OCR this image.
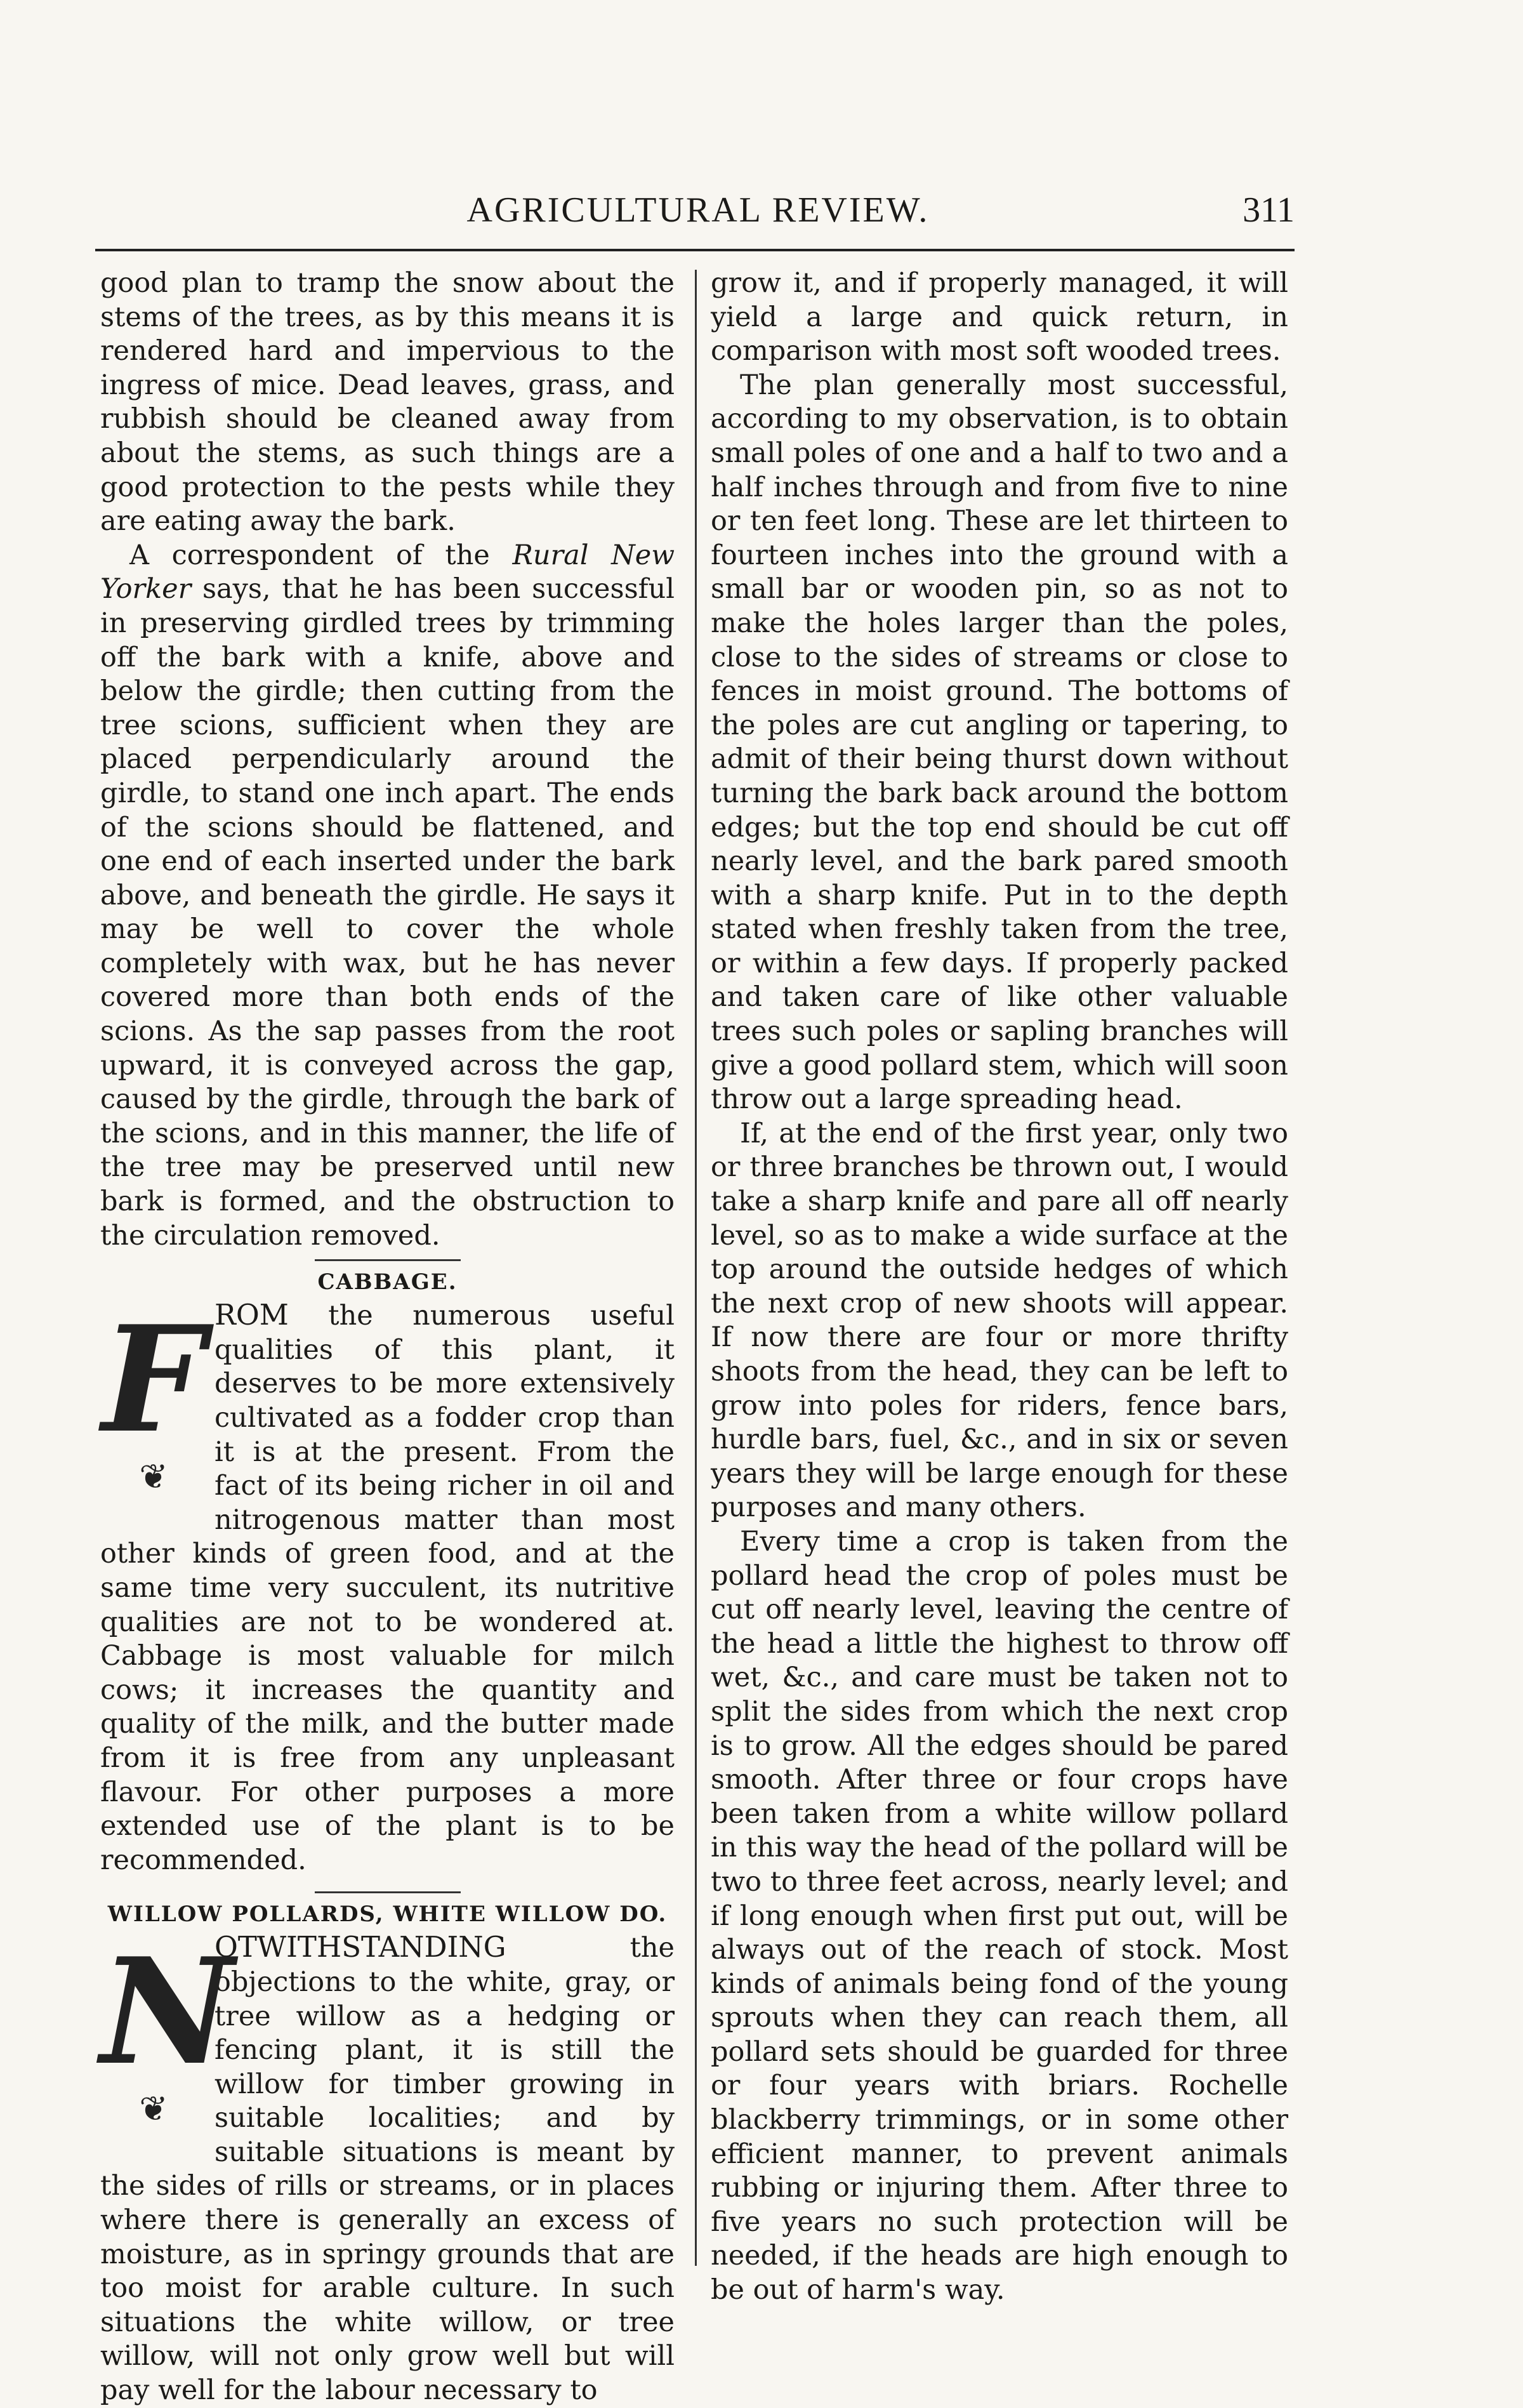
AGRICULTURAL REVIEW.	311

good plan to tramp the snow about the stems of the trees, as by this means it is rendered hard and impervious to the ingress of mice. Dead leaves, grass, and rubbish should be cleaned away from about the stems, as such things are a good protection to the pests while they are eating away the bark.

A correspondent of the Rural New Yorker says, that he has been successful in preserving girdled trees by trimming off the bark with a knife, above and below the girdle; then cutting from the tree scions, sufficient when they are placed perpendicularly around the girdle, to stand one inch apart. The ends of the scions should be flattened, and one end of each inserted under the bark above, and beneath the girdle. He says it may be well to cover the whole completely with wax, but he has never covered more than both ends of the scions. As the sap passes from the root upward, it is conveyed across the gap, caused by the girdle, through the bark of the scions, and in this manner, the life of the tree may be preserved until new bark is formed, and the obstruction to the circulation removed.

CABBAGE.
F
❦

ROM the numerous useful qualities of this plant, it deserves to be more extensively cultivated as a fodder crop than it is at the present. From the fact of its being richer in oil and nitrogenous matter than most other kinds of green food, and at the same time very succulent, its nutritive qualities are not to be wondered at. Cabbage is most valuable for milch cows; it increases the quantity and quality of the milk, and the butter made from it is free from any unpleasant flavour. For other purposes a more extended use of the plant is to be recommended.

WILLOW POLLARDS, WHITE WILLOW DO.
N
❦

OTWITHSTANDING the objections to the white, gray, or tree willow as a hedging or fencing plant, it is still the willow for timber growing in suitable localities; and by suitable situations is meant by the sides of rills or streams, or in places where there is generally an excess of moisture, as in springy grounds that are too moist for arable culture. In such situations the white willow, or tree willow, will not only grow well but will pay well for the labour necessary to

grow it, and if properly managed, it will yield a large and quick return, in comparison with most soft wooded trees.

The plan generally most successful, according to my observation, is to obtain small poles of one and a half to two and a half inches through and from five to nine or ten feet long. These are let thirteen to fourteen inches into the ground with a small bar or wooden pin, so as not to make the holes larger than the poles, close to the sides of streams or close to fences in moist ground. The bottoms of the poles are cut angling or tapering, to admit of their being thurst down without turning the bark back around the bottom edges; but the top end should be cut off nearly level, and the bark pared smooth with a sharp knife. Put in to the depth stated when freshly taken from the tree, or within a few days. If properly packed and taken care of like other valuable trees such poles or sapling branches will give a good pollard stem, which will soon throw out a large spreading head.

If, at the end of the first year, only two or three branches be thrown out, I would take a sharp knife and pare all off nearly level, so as to make a wide surface at the top around the outside hedges of which the next crop of new shoots will appear. If now there are four or more thrifty shoots from the head, they can be left to grow into poles for riders, fence bars, hurdle bars, fuel, &c., and in six or seven years they will be large enough for these purposes and many others.

Every time a crop is taken from the pollard head the crop of poles must be cut off nearly level, leaving the centre of the head a little the highest to throw off wet, &c., and care must be taken not to split the sides from which the next crop is to grow. All the edges should be pared smooth. After three or four crops have been taken from a white willow pollard in this way the head of the pollard will be two to three feet across, nearly level; and if long enough when first put out, will be always out of the reach of stock. Most kinds of animals being fond of the young sprouts when they can reach them, all pollard sets should be guarded for three or four years with briars. Rochelle blackberry trimmings, or in some other efficient manner, to prevent animals rubbing or injuring them. After three to five years no such protection will be needed, if the heads are high enough to be out of harm's way.
